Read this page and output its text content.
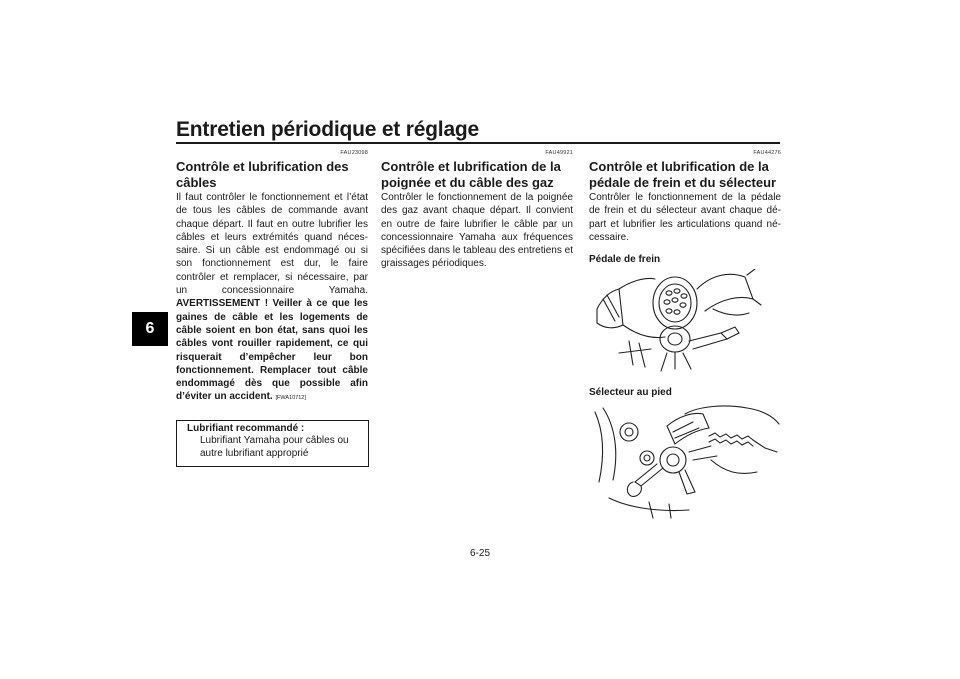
Entretien périodique et réglage
6
FAU23098
Contrôle et lubrification des câbles
Il faut contrôler le fonctionnement et l’état de tous les câbles de commande avant chaque départ. Il faut en outre lubrifier les câbles et leurs extrémités quand nécessaire. Si un câble est endommagé ou si son fonctionnement est dur, le faire contrôler et remplacer, si nécessaire, par un concessionnaire Yamaha. AVERTISSEMENT ! Veiller à ce que les gaines de câble et les logements de câble soient en bon état, sans quoi les câbles vont rouiller rapidement, ce qui risquerait d’empêcher leur bon fonctionnement. Remplacer tout câble endommagé dès que possible afin d’éviter un accident. [FWA10712]
Lubrifiant recommandé :
Lubrifiant Yamaha pour câbles ou autre lubrifiant approprié
FAU49921
Contrôle et lubrification de la poignée et du câble des gaz
Contrôler le fonctionnement de la poignée des gaz avant chaque départ. Il convient en outre de faire lubrifier le câble par un concessionnaire Yamaha aux fréquences spécifiées dans le tableau des entretiens et graissages périodiques.
FAU44276
Contrôle et lubrification de la pédale de frein et du sélecteur
Contrôler le fonctionnement de la pédale de frein et du sélecteur avant chaque départ et lubrifier les articulations quand nécessaire.
Pédale de frein
Sélecteur au pied
6-25
